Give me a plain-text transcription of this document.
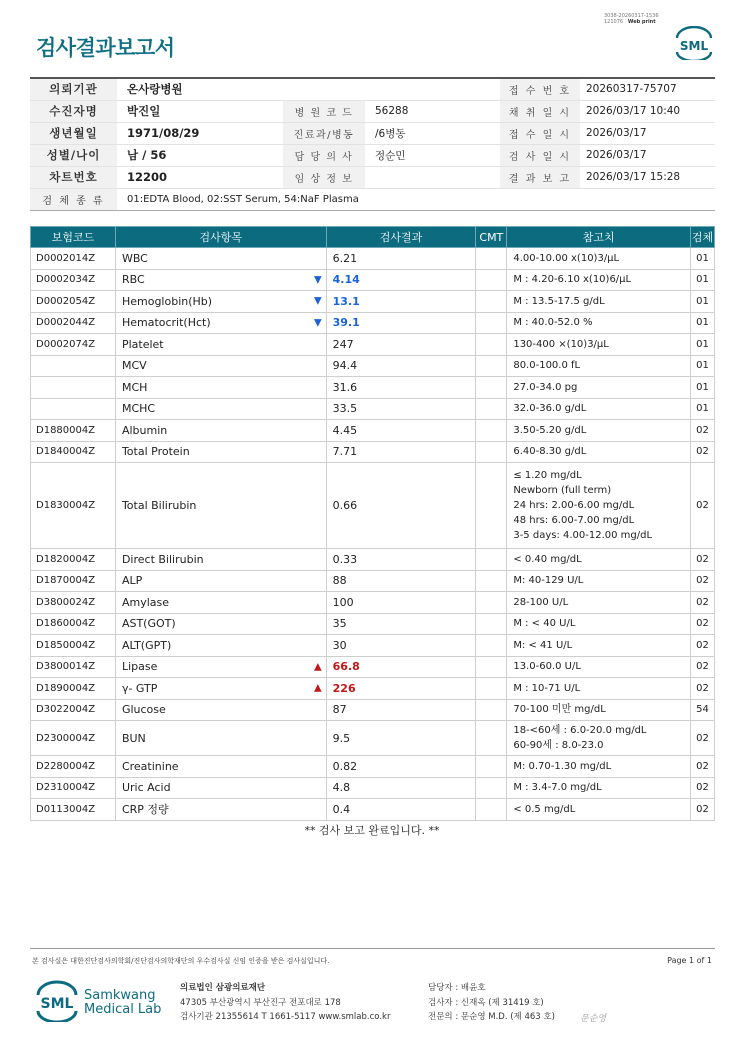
검사결과보고서
3038-20260317-1536
121076 Web print
SML
의뢰기관	온사랑병원			접 수 번 호	20260317-75707
수진자명	박진일	병 원 코 드	56288	채 취 일 시	2026/03/17 10:40
생년월일	1971/08/29	진료과/병동	/6병동	접 수 일 시	2026/03/17
성별/나이	남 / 56	담 당 의 사	정순민	검 사 일 시	2026/03/17
차트번호	12200	임 상 정 보		결 과 보 고	2026/03/17 15:28
검 체 종 류	01:EDTA Blood, 02:SST Serum, 54:NaF Plasma				
보험코드	검사항목	검사결과	CMT	참고치	검체
D0002014Z	WBC	6.21		4.00-10.00 x(10)3/μL	01
D0002034Z	RBC ▼	4.14		M : 4.20-6.10 x(10)6/μL	01
D0002054Z	Hemoglobin(Hb) ▼	13.1		M : 13.5-17.5 g/dL	01
D0002044Z	Hematocrit(Hct) ▼	39.1		M : 40.0-52.0 %	01
D0002074Z	Platelet	247		130-400 ×(10)3/μL	01
	MCV	94.4		80.0-100.0 fL	01
	MCH	31.6		27.0-34.0 pg	01
	MCHC	33.5		32.0-36.0 g/dL	01
D1880004Z	Albumin	4.45		3.50-5.20 g/dL	02
D1840004Z	Total Protein	7.71		6.40-8.30 g/dL	02
D1830004Z	Total Bilirubin	0.66		≤ 1.20 mg/dL
Newborn (full term)
24 hrs: 2.00-6.00 mg/dL
48 hrs: 6.00-7.00 mg/dL
3-5 days: 4.00-12.00 mg/dL	02
D1820004Z	Direct Bilirubin	0.33		< 0.40 mg/dL	02
D1870004Z	ALP	88		M: 40-129 U/L	02
D3800024Z	Amylase	100		28-100 U/L	02
D1860004Z	AST(GOT)	35		M : < 40 U/L	02
D1850004Z	ALT(GPT)	30		M: < 41 U/L	02
D3800014Z	Lipase ▲	66.8		13.0-60.0 U/L	02
D1890004Z	γ- GTP ▲	226		M : 10-71 U/L	02
D3022004Z	Glucose	87		70-100 미만 mg/dL	54
D2300004Z	BUN	9.5		18-<60세 : 6.0-20.0 mg/dL
60-90세 : 8.0-23.0	02
D2280004Z	Creatinine	0.82		M: 0.70-1.30 mg/dL	02
D2310004Z	Uric Acid	4.8		M : 3.4-7.0 mg/dL	02
D0113004Z	CRP 정량	0.4		< 0.5 mg/dL	02
** 검사 보고 완료입니다. **
본 검사실은 대한진단검사의학회/진단검사의학재단의 우수검사실 신임 인증을 받은 검사실입니다.	Page 1 of 1
SML
Samkwang
Medical Lab
의료법인 삼광의료재단
47305 부산광역시 부산진구 전포대로 178
검사기관 21355614 T 1661-5117 www.smlab.co.kr
담당자 : 배윤호
검사자 : 신재옥 (제 31419 호)
전문의 : 문순영 M.D. (제 463 호)	문순영
